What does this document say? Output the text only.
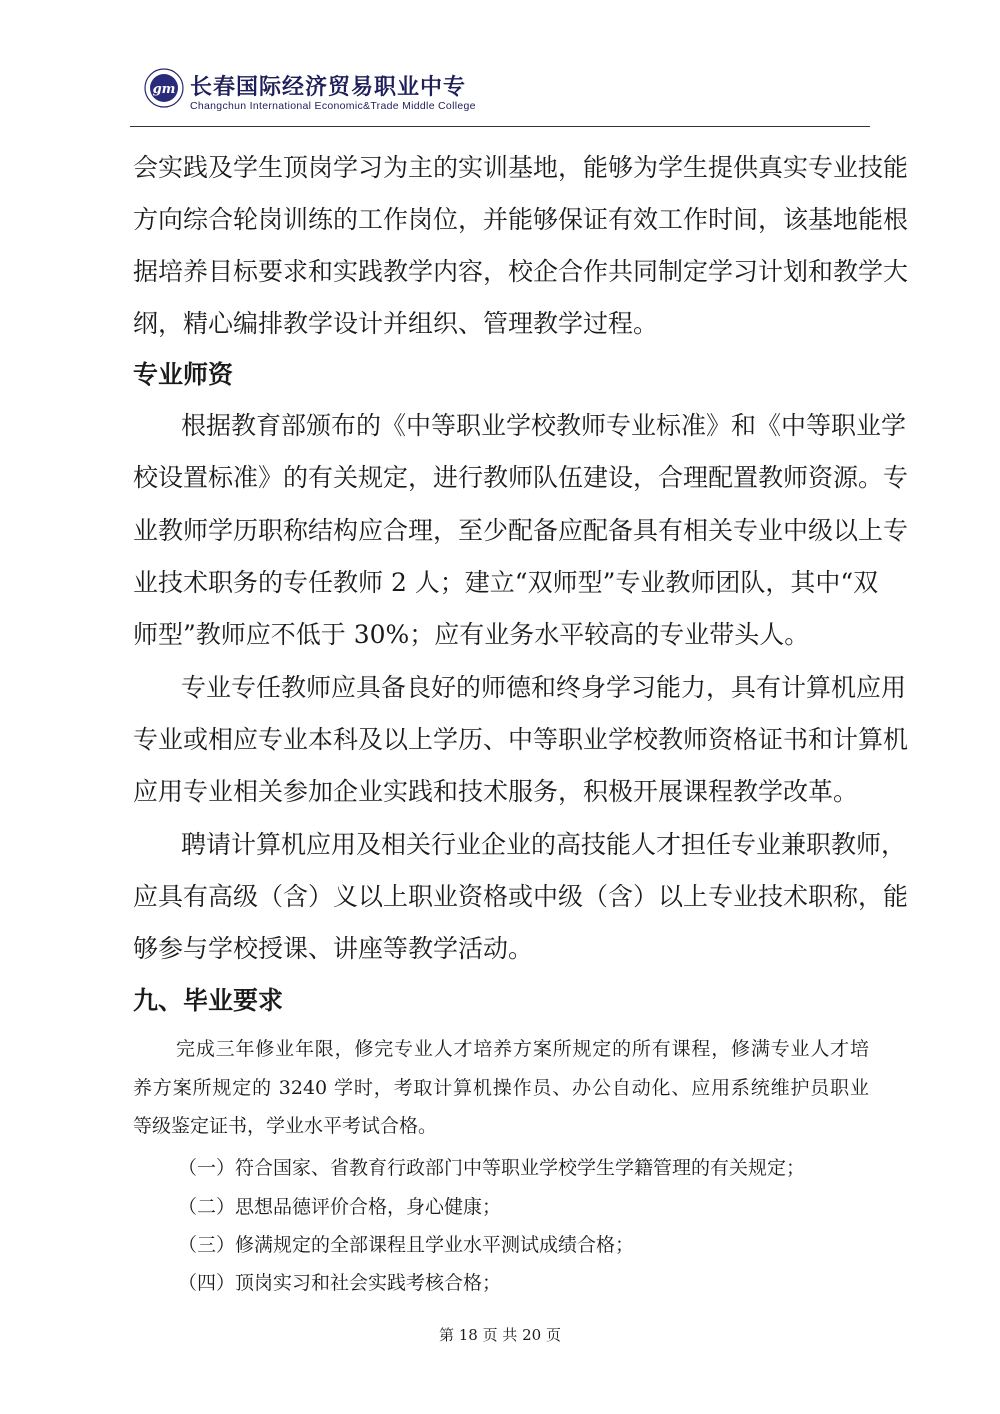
gm 长春国际经济贸易职业中专
Changchun International Economic&Trade Middle College
会实践及学生顶岗学习为主的实训基地，能够为学生提供真实专业技能
方向综合轮岗训练的工作岗位，并能够保证有效工作时间，该基地能根
据培养目标要求和实践教学内容，校企合作共同制定学习计划和教学大
纲，精心编排教学设计并组织、管理教学过程。
专业师资
根据教育部颁布的《中等职业学校教师专业标准》和《中等职业学
校设置标准》的有关规定，进行教师队伍建设，合理配置教师资源。专
业教师学历职称结构应合理，至少配备应配备具有相关专业中级以上专
业技术职务的专任教师 2 人；建立“双师型”专业教师团队，其中“双
师型”教师应不低于 30%；应有业务水平较高的专业带头人。
专业专任教师应具备良好的师德和终身学习能力，具有计算机应用
专业或相应专业本科及以上学历、中等职业学校教师资格证书和计算机
应用专业相关参加企业实践和技术服务，积极开展课程教学改革。
聘请计算机应用及相关行业企业的高技能人才担任专业兼职教师，
应具有高级（含）义以上职业资格或中级（含）以上专业技术职称，能
够参与学校授课、讲座等教学活动。
九、毕业要求
完成三年修业年限，修完专业人才培养方案所规定的所有课程，修满专业人才培
养方案所规定的 3240 学时，考取计算机操作员、办公自动化、应用系统维护员职业
等级鉴定证书，学业水平考试合格。
（一）符合国家、省教育行政部门中等职业学校学生学籍管理的有关规定；
（二）思想品德评价合格，身心健康；
（三）修满规定的全部课程且学业水平测试成绩合格；
（四）顶岗实习和社会实践考核合格；
第 18 页 共 20 页
